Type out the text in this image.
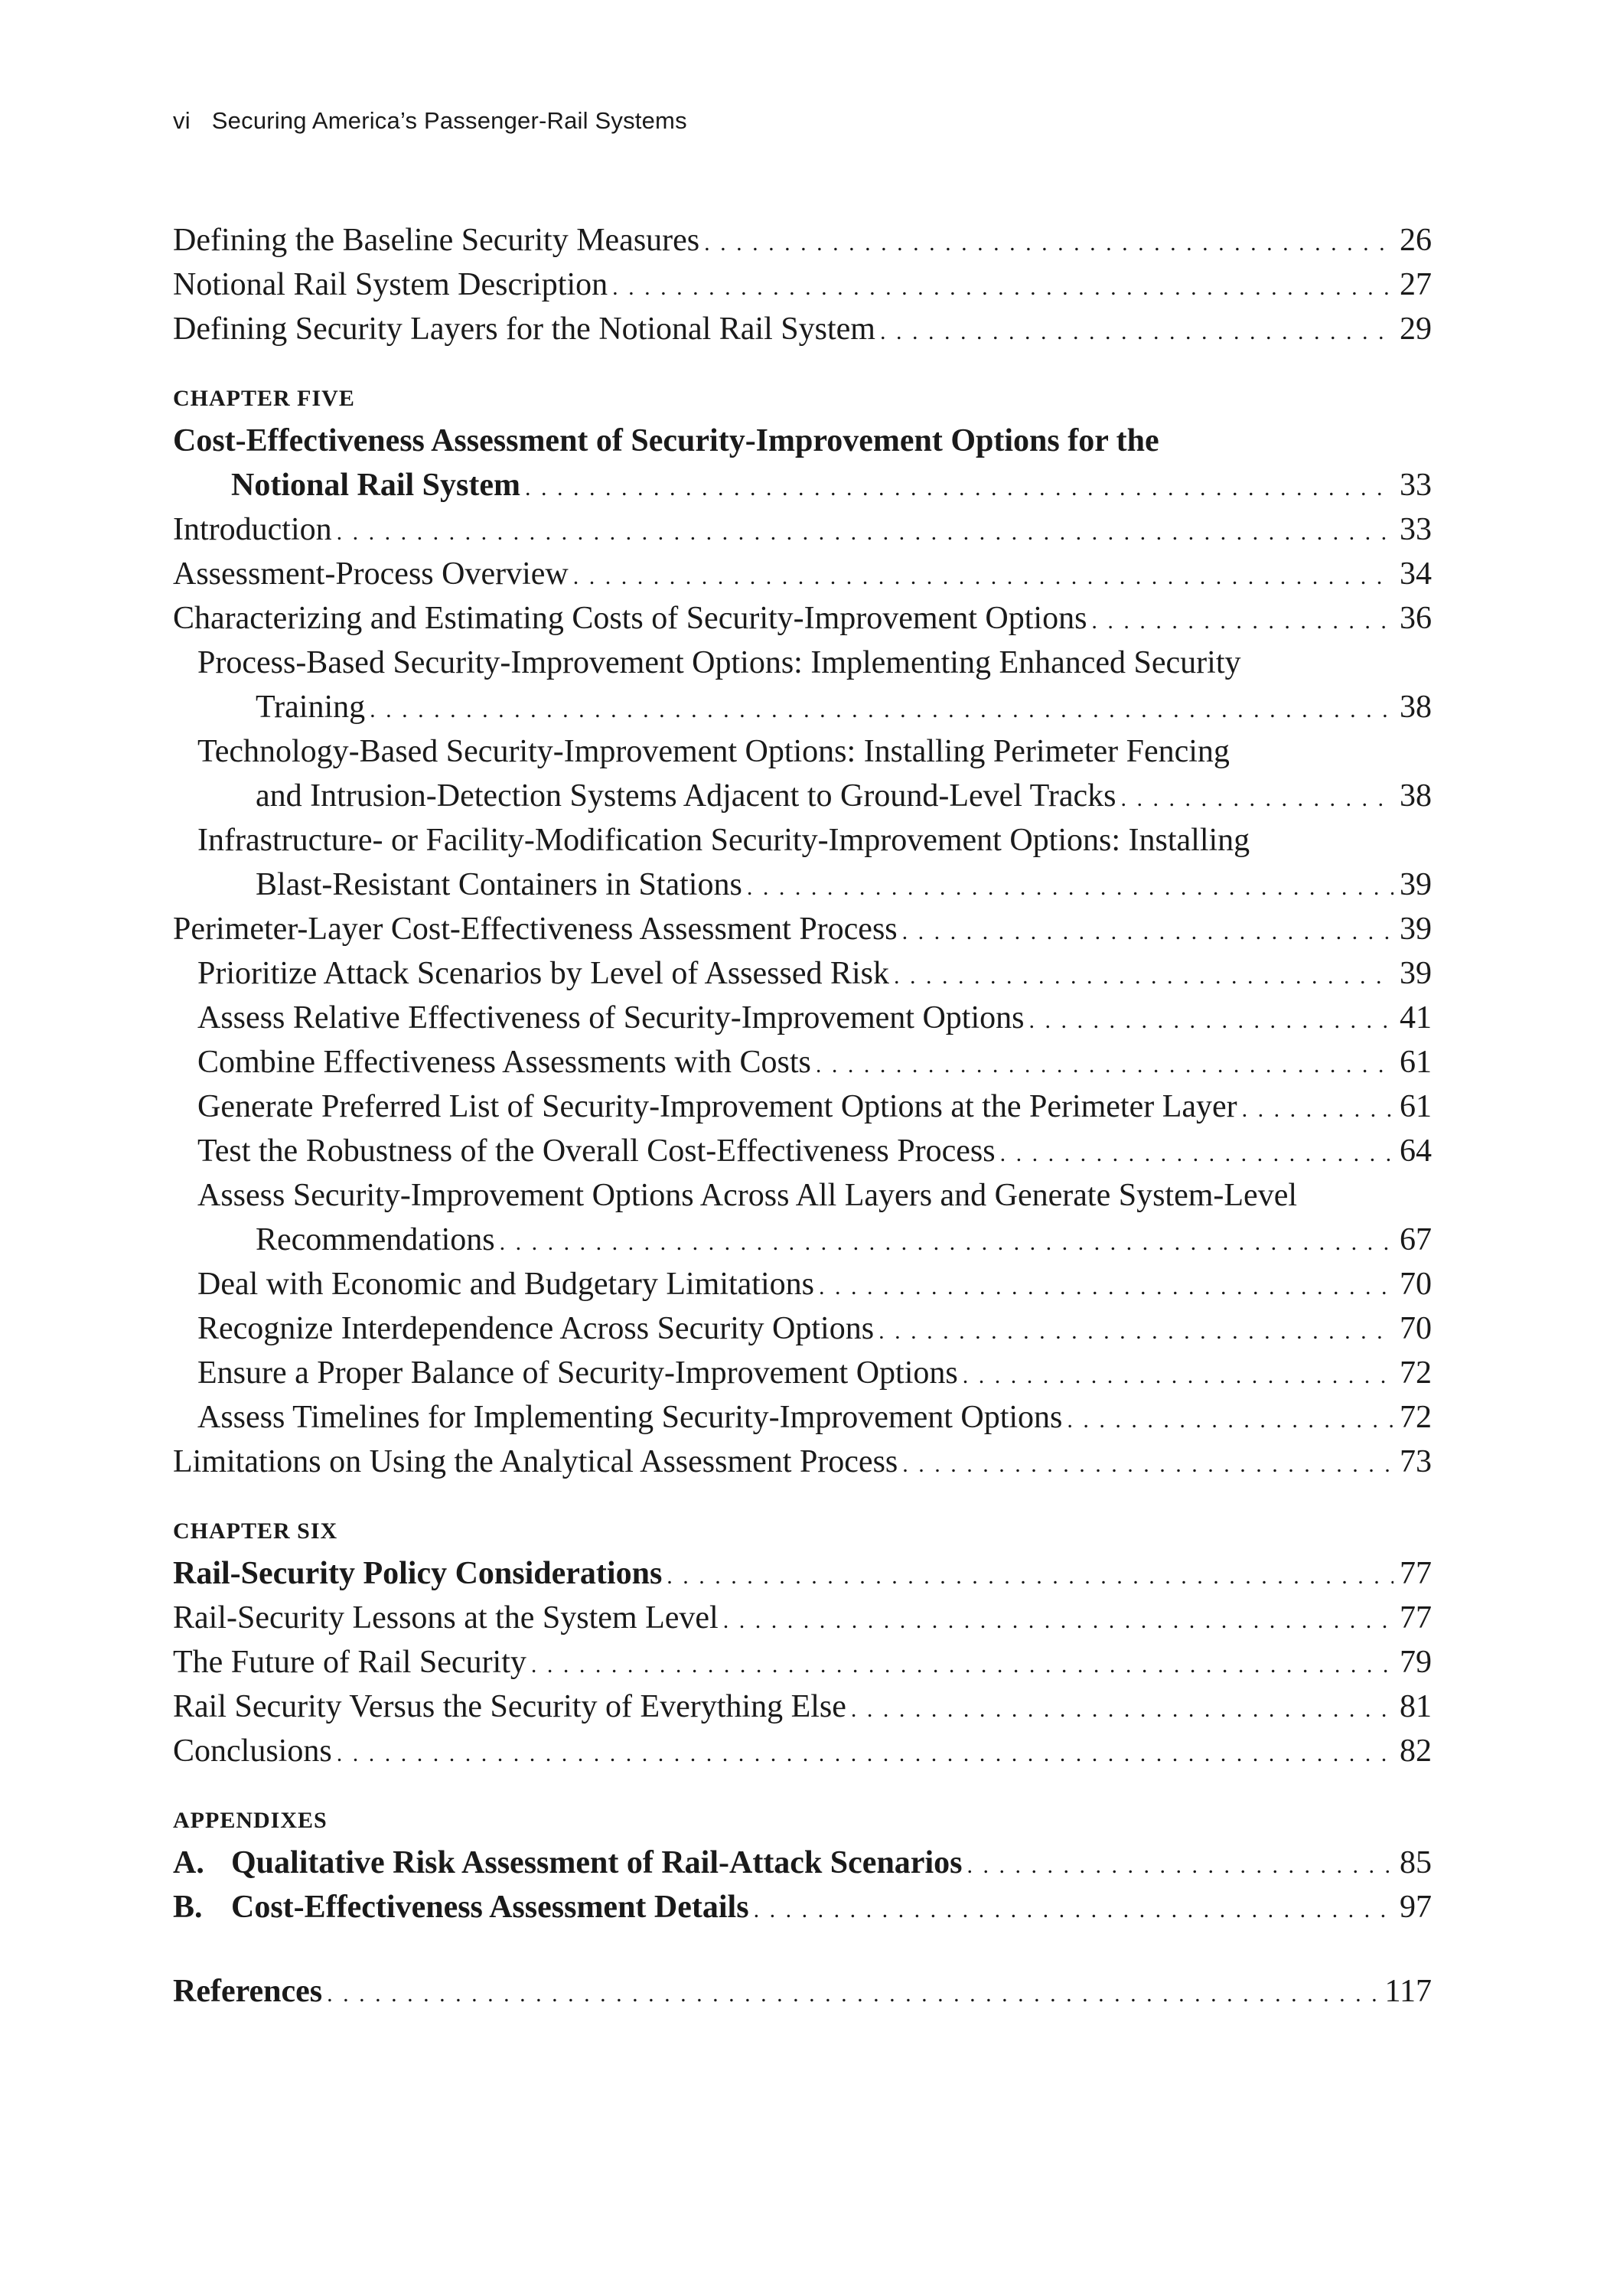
vi Securing America’s Passenger-Rail Systems
Defining the Baseline Security Measures . . .	26
Notional Rail System Description . . .	27
Defining Security Layers for the Notional Rail System . . .	29
CHAPTER FIVE
Cost-Effectiveness Assessment of Security-Improvement Options for the
Notional Rail System . . .	33
Introduction . . .	33
Assessment-Process Overview . . .	34
Characterizing and Estimating Costs of Security-Improvement Options . . .	36
Process-Based Security-Improvement Options: Implementing Enhanced Security
Training . . .	38
Technology-Based Security-Improvement Options: Installing Perimeter Fencing
and Intrusion-Detection Systems Adjacent to Ground-Level Tracks . . .	38
Infrastructure- or Facility-Modification Security-Improvement Options: Installing
Blast-Resistant Containers in Stations . . .	39
Perimeter-Layer Cost-Effectiveness Assessment Process . . .	39
Prioritize Attack Scenarios by Level of Assessed Risk . . .	39
Assess Relative Effectiveness of Security-Improvement Options . . .	41
Combine Effectiveness Assessments with Costs . . .	61
Generate Preferred List of Security-Improvement Options at the Perimeter Layer . . .	61
Test the Robustness of the Overall Cost-Effectiveness Process . . .	64
Assess Security-Improvement Options Across All Layers and Generate System-Level
Recommendations . . .	67
Deal with Economic and Budgetary Limitations . . .	70
Recognize Interdependence Across Security Options . . .	70
Ensure a Proper Balance of Security-Improvement Options . . .	72
Assess Timelines for Implementing Security-Improvement Options . . .	72
Limitations on Using the Analytical Assessment Process . . .	73
CHAPTER SIX
Rail-Security Policy Considerations . . .	77
Rail-Security Lessons at the System Level . . .	77
The Future of Rail Security . . .	79
Rail Security Versus the Security of Everything Else . . .	81
Conclusions . . .	82
APPENDIXES
A. Qualitative Risk Assessment of Rail-Attack Scenarios . . .	85
B. Cost-Effectiveness Assessment Details . . .	97
References . . .	117
